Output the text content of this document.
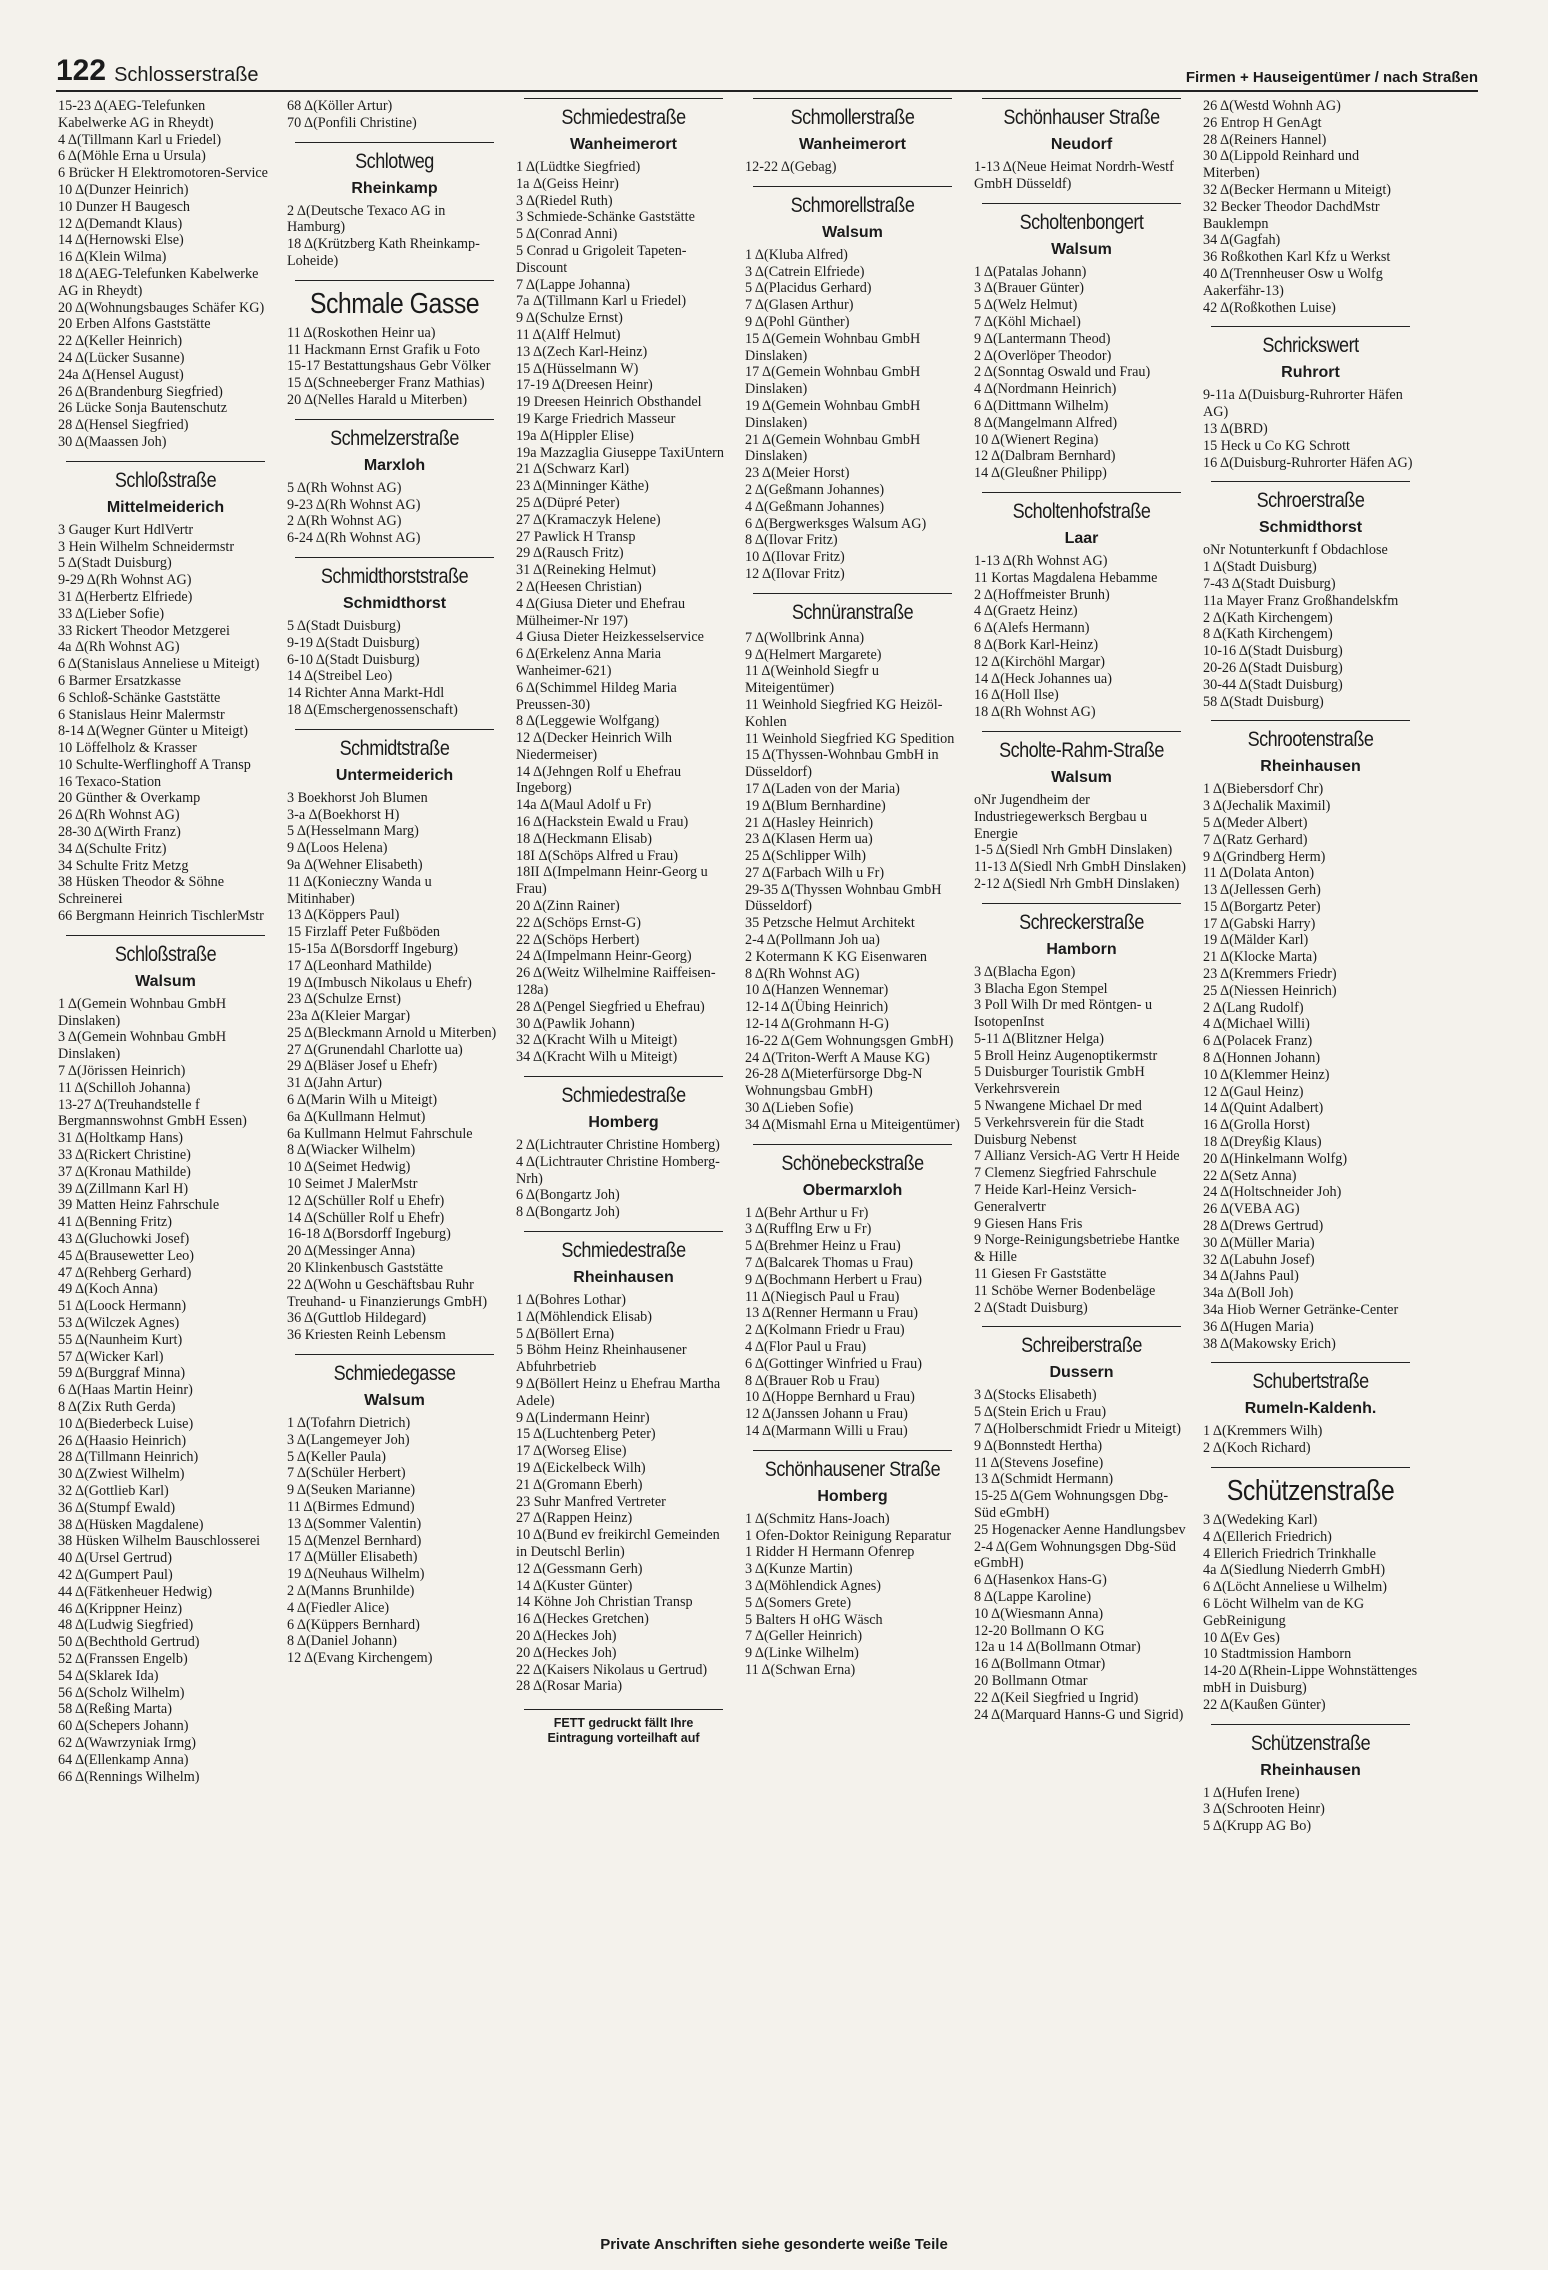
122 Schlosserstraße	Firmen + Hauseigentümer / nach Straßen
15-23 Δ(AEG-Telefunken Kabelwerke AG in Rheydt)
4 Δ(Tillmann Karl u Friedel)
6 Δ(Möhle Erna u Ursula)
6 Brücker H Elektromotoren-Service
10 Δ(Dunzer Heinrich)
10 Dunzer H Baugesch
12 Δ(Demandt Klaus)
14 Δ(Hernowski Else)
16 Δ(Klein Wilma)
18 Δ(AEG-Telefunken Kabelwerke AG in Rheydt)
20 Δ(Wohnungsbauges Schäfer KG)
20 Erben Alfons Gaststätte
22 Δ(Keller Heinrich)
24 Δ(Lücker Susanne)
24a Δ(Hensel August)
26 Δ(Brandenburg Siegfried)
26 Lücke Sonja Bautenschutz
28 Δ(Hensel Siegfried)
30 Δ(Maassen Joh)
Schloßstraße
Mittelmeiderich
3 Gauger Kurt HdlVertr
3 Hein Wilhelm Schneidermstr
5 Δ(Stadt Duisburg)
9-29 Δ(Rh Wohnst AG)
31 Δ(Herbertz Elfriede)
33 Δ(Lieber Sofie)
33 Rickert Theodor Metzgerei
4a Δ(Rh Wohnst AG)
6 Δ(Stanislaus Anneliese u Miteigt)
6 Barmer Ersatzkasse
6 Schloß-Schänke Gaststätte
6 Stanislaus Heinr Malermstr
8-14 Δ(Wegner Günter u Miteigt)
10 Löffelholz & Krasser
10 Schulte-Werflinghoff A Transp
16 Texaco-Station
20 Günther & Overkamp
26 Δ(Rh Wohnst AG)
28-30 Δ(Wirth Franz)
34 Δ(Schulte Fritz)
34 Schulte Fritz Metzg
38 Hüsken Theodor & Söhne Schreinerei
66 Bergmann Heinrich TischlerMstr
Schloßstraße
Walsum
1 Δ(Gemein Wohnbau GmbH Dinslaken)
3 Δ(Gemein Wohnbau GmbH Dinslaken)
7 Δ(Jörissen Heinrich)
11 Δ(Schilloh Johanna)
13-27 Δ(Treuhandstelle f Bergmannswohnst GmbH Essen)
31 Δ(Holtkamp Hans)
33 Δ(Rickert Christine)
37 Δ(Kronau Mathilde)
39 Δ(Zillmann Karl H)
39 Matten Heinz Fahrschule
41 Δ(Benning Fritz)
43 Δ(Gluchowki Josef)
45 Δ(Brausewetter Leo)
47 Δ(Rehberg Gerhard)
49 Δ(Koch Anna)
51 Δ(Loock Hermann)
53 Δ(Wilczek Agnes)
55 Δ(Naunheim Kurt)
57 Δ(Wicker Karl)
59 Δ(Burggraf Minna)
6 Δ(Haas Martin Heinr)
8 Δ(Zix Ruth Gerda)
10 Δ(Biederbeck Luise)
26 Δ(Haasio Heinrich)
28 Δ(Tillmann Heinrich)
30 Δ(Zwiest Wilhelm)
32 Δ(Gottlieb Karl)
36 Δ(Stumpf Ewald)
38 Δ(Hüsken Magdalene)
38 Hüsken Wilhelm Bauschlosserei
40 Δ(Ursel Gertrud)
42 Δ(Gumpert Paul)
44 Δ(Fätkenheuer Hedwig)
46 Δ(Krippner Heinz)
48 Δ(Ludwig Siegfried)
50 Δ(Bechthold Gertrud)
52 Δ(Franssen Engelb)
54 Δ(Sklarek Ida)
56 Δ(Scholz Wilhelm)
58 Δ(Reßing Marta)
60 Δ(Schepers Johann)
62 Δ(Wawrzyniak Irmg)
64 Δ(Ellenkamp Anna)
66 Δ(Rennings Wilhelm)
68 Δ(Köller Artur)
70 Δ(Ponfili Christine)
Schlotweg
Rheinkamp
2 Δ(Deutsche Texaco AG in Hamburg)
18 Δ(Krützberg Kath Rheinkamp-Loheide)
Schmale Gasse
11 Δ(Roskothen Heinr ua)
11 Hackmann Ernst Grafik u Foto
15-17 Bestattungshaus Gebr Völker
15 Δ(Schneeberger Franz Mathias)
20 Δ(Nelles Harald u Miterben)
Schmelzerstraße
Marxloh
5 Δ(Rh Wohnst AG)
9-23 Δ(Rh Wohnst AG)
2 Δ(Rh Wohnst AG)
6-24 Δ(Rh Wohnst AG)
Schmidthorststraße
Schmidthorst
5 Δ(Stadt Duisburg)
9-19 Δ(Stadt Duisburg)
6-10 Δ(Stadt Duisburg)
14 Δ(Streibel Leo)
14 Richter Anna Markt-Hdl
18 Δ(Emschergenossenschaft)
Schmidtstraße
Untermeiderich
3 Boekhorst Joh Blumen
3-a Δ(Boekhorst H)
5 Δ(Hesselmann Marg)
9 Δ(Loos Helena)
9a Δ(Wehner Elisabeth)
11 Δ(Konieczny Wanda u Mitinhaber)
13 Δ(Köppers Paul)
15 Firzlaff Peter Fußböden
15-15a Δ(Borsdorff Ingeburg)
17 Δ(Leonhard Mathilde)
19 Δ(Imbusch Nikolaus u Ehefr)
23 Δ(Schulze Ernst)
23a Δ(Kleier Margar)
25 Δ(Bleckmann Arnold u Miterben)
27 Δ(Grunendahl Charlotte ua)
29 Δ(Bläser Josef u Ehefr)
31 Δ(Jahn Artur)
6 Δ(Marin Wilh u Miteigt)
6a Δ(Kullmann Helmut)
6a Kullmann Helmut Fahrschule
8 Δ(Wiacker Wilhelm)
10 Δ(Seimet Hedwig)
10 Seimet J MalerMstr
12 Δ(Schüller Rolf u Ehefr)
14 Δ(Schüller Rolf u Ehefr)
16-18 Δ(Borsdorff Ingeburg)
20 Δ(Messinger Anna)
20 Klinkenbusch Gaststätte
22 Δ(Wohn u Geschäftsbau Ruhr Treuhand- u Finanzierungs GmbH)
36 Δ(Guttlob Hildegard)
36 Kriesten Reinh Lebensm
Schmiedegasse
Walsum
1 Δ(Tofahrn Dietrich)
3 Δ(Langemeyer Joh)
5 Δ(Keller Paula)
7 Δ(Schüler Herbert)
9 Δ(Seuken Marianne)
11 Δ(Birmes Edmund)
13 Δ(Sommer Valentin)
15 Δ(Menzel Bernhard)
17 Δ(Müller Elisabeth)
19 Δ(Neuhaus Wilhelm)
2 Δ(Manns Brunhilde)
4 Δ(Fiedler Alice)
6 Δ(Küppers Bernhard)
8 Δ(Daniel Johann)
12 Δ(Evang Kirchengem)
Schmiedestraße
Wanheimerort
1 Δ(Lüdtke Siegfried)
1a Δ(Geiss Heinr)
3 Δ(Riedel Ruth)
3 Schmiede-Schänke Gaststätte
5 Δ(Conrad Anni)
5 Conrad u Grigoleit Tapeten-Discount
7 Δ(Lappe Johanna)
7a Δ(Tillmann Karl u Friedel)
9 Δ(Schulze Ernst)
11 Δ(Alff Helmut)
13 Δ(Zech Karl-Heinz)
15 Δ(Hüsselmann W)
17-19 Δ(Dreesen Heinr)
19 Dreesen Heinrich Obsthandel
19 Karge Friedrich Masseur
19a Δ(Hippler Elise)
19a Mazzaglia Giuseppe TaxiUntern
21 Δ(Schwarz Karl)
23 Δ(Minninger Käthe)
25 Δ(Düpré Peter)
27 Δ(Kramaczyk Helene)
27 Pawlick H Transp
29 Δ(Rausch Fritz)
31 Δ(Reineking Helmut)
2 Δ(Heesen Christian)
4 Δ(Giusa Dieter und Ehefrau Mülheimer-Nr 197)
4 Giusa Dieter Heizkesselservice
6 Δ(Erkelenz Anna Maria Wanheimer-621)
6 Δ(Schimmel Hildeg Maria Preussen-30)
8 Δ(Leggewie Wolfgang)
12 Δ(Decker Heinrich Wilh Niedermeiser)
14 Δ(Jehngen Rolf u Ehefrau Ingeborg)
14a Δ(Maul Adolf u Fr)
16 Δ(Hackstein Ewald u Frau)
18 Δ(Heckmann Elisab)
18I Δ(Schöps Alfred u Frau)
18II Δ(Impelmann Heinr-Georg u Frau)
20 Δ(Zinn Rainer)
22 Δ(Schöps Ernst-G)
22 Δ(Schöps Herbert)
24 Δ(Impelmann Heinr-Georg)
26 Δ(Weitz Wilhelmine Raiffeisen-128a)
28 Δ(Pengel Siegfried u Ehefrau)
30 Δ(Pawlik Johann)
32 Δ(Kracht Wilh u Miteigt)
34 Δ(Kracht Wilh u Miteigt)
Schmiedestraße
Homberg
2 Δ(Lichtrauter Christine Homberg)
4 Δ(Lichtrauter Christine Homberg-Nrh)
6 Δ(Bongartz Joh)
8 Δ(Bongartz Joh)
Schmiedestraße
Rheinhausen
1 Δ(Bohres Lothar)
1 Δ(Möhlendick Elisab)
5 Δ(Böllert Erna)
5 Böhm Heinz Rheinhausener Abfuhrbetrieb
9 Δ(Böllert Heinz u Ehefrau Martha Adele)
9 Δ(Lindermann Heinr)
15 Δ(Luchtenberg Peter)
17 Δ(Worseg Elise)
19 Δ(Eickelbeck Wilh)
21 Δ(Gromann Eberh)
23 Suhr Manfred Vertreter
27 Δ(Rappen Heinz)
10 Δ(Bund ev freikirchl Gemeinden in Deutschl Berlin)
12 Δ(Gessmann Gerh)
14 Δ(Kuster Günter)
14 Köhne Joh Christian Transp
16 Δ(Heckes Gretchen)
20 Δ(Heckes Joh)
20 Δ(Heckes Joh)
22 Δ(Kaisers Nikolaus u Gertrud)
28 Δ(Rosar Maria)
FETT gedruckt fällt Ihre Eintragung vorteilhaft auf
Schmollerstraße
Wanheimerort
12-22 Δ(Gebag)
Schmorellstraße
Walsum
1 Δ(Kluba Alfred)
3 Δ(Catrein Elfriede)
5 Δ(Placidus Gerhard)
7 Δ(Glasen Arthur)
9 Δ(Pohl Günther)
15 Δ(Gemein Wohnbau GmbH Dinslaken)
17 Δ(Gemein Wohnbau GmbH Dinslaken)
19 Δ(Gemein Wohnbau GmbH Dinslaken)
21 Δ(Gemein Wohnbau GmbH Dinslaken)
23 Δ(Meier Horst)
2 Δ(Geßmann Johannes)
4 Δ(Geßmann Johannes)
6 Δ(Bergwerksges Walsum AG)
8 Δ(Ilovar Fritz)
10 Δ(Ilovar Fritz)
12 Δ(Ilovar Fritz)
Schnüranstraße
7 Δ(Wollbrink Anna)
9 Δ(Helmert Margarete)
11 Δ(Weinhold Siegfr u Miteigentümer)
11 Weinhold Siegfried KG Heizöl-Kohlen
11 Weinhold Siegfried KG Spedition
15 Δ(Thyssen-Wohnbau GmbH in Düsseldorf)
17 Δ(Laden von der Maria)
19 Δ(Blum Bernhardine)
21 Δ(Hasley Heinrich)
23 Δ(Klasen Herm ua)
25 Δ(Schlipper Wilh)
27 Δ(Farbach Wilh u Fr)
29-35 Δ(Thyssen Wohnbau GmbH Düsseldorf)
35 Petzsche Helmut Architekt
2-4 Δ(Pollmann Joh ua)
2 Kotermann K KG Eisenwaren
8 Δ(Rh Wohnst AG)
10 Δ(Hanzen Wennemar)
12-14 Δ(Übing Heinrich)
12-14 Δ(Grohmann H-G)
16-22 Δ(Gem Wohnungsgen GmbH)
24 Δ(Triton-Werft A Mause KG)
26-28 Δ(Mieterfürsorge Dbg-N Wohnungsbau GmbH)
30 Δ(Lieben Sofie)
34 Δ(Mismahl Erna u Miteigentümer)
Schönebeckstraße
Obermarxloh
1 Δ(Behr Arthur u Fr)
3 Δ(Rufflng Erw u Fr)
5 Δ(Brehmer Heinz u Frau)
7 Δ(Balcarek Thomas u Frau)
9 Δ(Bochmann Herbert u Frau)
11 Δ(Niegisch Paul u Frau)
13 Δ(Renner Hermann u Frau)
2 Δ(Kolmann Friedr u Frau)
4 Δ(Flor Paul u Frau)
6 Δ(Gottinger Winfried u Frau)
8 Δ(Brauer Rob u Frau)
10 Δ(Hoppe Bernhard u Frau)
12 Δ(Janssen Johann u Frau)
14 Δ(Marmann Willi u Frau)
Schönhausener Straße
Homberg
1 Δ(Schmitz Hans-Joach)
1 Ofen-Doktor Reinigung Reparatur
1 Ridder H Hermann Ofenrep
3 Δ(Kunze Martin)
3 Δ(Möhlendick Agnes)
5 Δ(Somers Grete)
5 Balters H oHG Wäsch
7 Δ(Geller Heinrich)
9 Δ(Linke Wilhelm)
11 Δ(Schwan Erna)
Schönhauser Straße
Neudorf
1-13 Δ(Neue Heimat Nordrh-Westf GmbH Düsseldf)
Scholtenbongert
Walsum
1 Δ(Patalas Johann)
3 Δ(Brauer Günter)
5 Δ(Welz Helmut)
7 Δ(Köhl Michael)
9 Δ(Lantermann Theod)
2 Δ(Overlöper Theodor)
2 Δ(Sonntag Oswald und Frau)
4 Δ(Nordmann Heinrich)
6 Δ(Dittmann Wilhelm)
8 Δ(Mangelmann Alfred)
10 Δ(Wienert Regina)
12 Δ(Dalbram Bernhard)
14 Δ(Gleußner Philipp)
Scholtenhofstraße
Laar
1-13 Δ(Rh Wohnst AG)
11 Kortas Magdalena Hebamme
2 Δ(Hoffmeister Brunh)
4 Δ(Graetz Heinz)
6 Δ(Alefs Hermann)
8 Δ(Bork Karl-Heinz)
12 Δ(Kirchöhl Margar)
14 Δ(Heck Johannes ua)
16 Δ(Holl Ilse)
18 Δ(Rh Wohnst AG)
Scholte-Rahm-Straße
Walsum
oNr Jugendheim der Industriegewerksch Bergbau u Energie
1-5 Δ(Siedl Nrh GmbH Dinslaken)
11-13 Δ(Siedl Nrh GmbH Dinslaken)
2-12 Δ(Siedl Nrh GmbH Dinslaken)
Schreckerstraße
Hamborn
3 Δ(Blacha Egon)
3 Blacha Egon Stempel
3 Poll Wilh Dr med Röntgen- u IsotopenInst
5-11 Δ(Blitzner Helga)
5 Broll Heinz Augenoptikermstr
5 Duisburger Touristik GmbH Verkehrsverein
5 Nwangene Michael Dr med
5 Verkehrsverein für die Stadt Duisburg Nebenst
7 Allianz Versich-AG Vertr H Heide
7 Clemenz Siegfried Fahrschule
7 Heide Karl-Heinz Versich-Generalvertr
9 Giesen Hans Fris
9 Norge-Reinigungsbetriebe Hantke & Hille
11 Giesen Fr Gaststätte
11 Schöbe Werner Bodenbeläge
2 Δ(Stadt Duisburg)
Schreiberstraße
Dussern
3 Δ(Stocks Elisabeth)
5 Δ(Stein Erich u Frau)
7 Δ(Holberschmidt Friedr u Miteigt)
9 Δ(Bonnstedt Hertha)
11 Δ(Stevens Josefine)
13 Δ(Schmidt Hermann)
15-25 Δ(Gem Wohnungsgen Dbg-Süd eGmbH)
25 Hogenacker Aenne Handlungsbev
2-4 Δ(Gem Wohnungsgen Dbg-Süd eGmbH)
6 Δ(Hasenkox Hans-G)
8 Δ(Lappe Karoline)
10 Δ(Wiesmann Anna)
12-20 Bollmann O KG
12a u 14 Δ(Bollmann Otmar)
16 Δ(Bollmann Otmar)
20 Bollmann Otmar
22 Δ(Keil Siegfried u Ingrid)
24 Δ(Marquard Hanns-G und Sigrid)
26 Δ(Westd Wohnh AG)
26 Entrop H GenAgt
28 Δ(Reiners Hannel)
30 Δ(Lippold Reinhard und Miterben)
32 Δ(Becker Hermann u Miteigt)
32 Becker Theodor DachdMstr Bauklempn
34 Δ(Gagfah)
36 Roßkothen Karl Kfz u Werkst
40 Δ(Trennheuser Osw u Wolfg Aakerfähr-13)
42 Δ(Roßkothen Luise)
Schrickswert
Ruhrort
9-11a Δ(Duisburg-Ruhrorter Häfen AG)
13 Δ(BRD)
15 Heck u Co KG Schrott
16 Δ(Duisburg-Ruhrorter Häfen AG)
Schroerstraße
Schmidthorst
oNr Notunterkunft f Obdachlose
1 Δ(Stadt Duisburg)
7-43 Δ(Stadt Duisburg)
11a Mayer Franz Großhandelskfm
2 Δ(Kath Kirchengem)
8 Δ(Kath Kirchengem)
10-16 Δ(Stadt Duisburg)
20-26 Δ(Stadt Duisburg)
30-44 Δ(Stadt Duisburg)
58 Δ(Stadt Duisburg)
Schrootenstraße
Rheinhausen
1 Δ(Biebersdorf Chr)
3 Δ(Jechalik Maximil)
5 Δ(Meder Albert)
7 Δ(Ratz Gerhard)
9 Δ(Grindberg Herm)
11 Δ(Dolata Anton)
13 Δ(Jellessen Gerh)
15 Δ(Borgartz Peter)
17 Δ(Gabski Harry)
19 Δ(Mälder Karl)
21 Δ(Klocke Marta)
23 Δ(Kremmers Friedr)
25 Δ(Niessen Heinrich)
2 Δ(Lang Rudolf)
4 Δ(Michael Willi)
6 Δ(Polacek Franz)
8 Δ(Honnen Johann)
10 Δ(Klemmer Heinz)
12 Δ(Gaul Heinz)
14 Δ(Quint Adalbert)
16 Δ(Grolla Horst)
18 Δ(Dreyßig Klaus)
20 Δ(Hinkelmann Wolfg)
22 Δ(Setz Anna)
24 Δ(Holtschneider Joh)
26 Δ(VEBA AG)
28 Δ(Drews Gertrud)
30 Δ(Müller Maria)
32 Δ(Labuhn Josef)
34 Δ(Jahns Paul)
34a Δ(Boll Joh)
34a Hiob Werner Getränke-Center
36 Δ(Hugen Maria)
38 Δ(Makowsky Erich)
Schubertstraße
Rumeln-Kaldenh.
1 Δ(Kremmers Wilh)
2 Δ(Koch Richard)
Schützenstraße
3 Δ(Wedeking Karl)
4 Δ(Ellerich Friedrich)
4 Ellerich Friedrich Trinkhalle
4a Δ(Siedlung Niederrh GmbH)
6 Δ(Löcht Anneliese u Wilhelm)
6 Löcht Wilhelm van de KG GebReinigung
10 Δ(Ev Ges)
10 Stadtmission Hamborn
14-20 Δ(Rhein-Lippe Wohnstättenges mbH in Duisburg)
22 Δ(Kaußen Günter)
Schützenstraße
Rheinhausen
1 Δ(Hufen Irene)
3 Δ(Schrooten Heinr)
5 Δ(Krupp AG Bo)
Private Anschriften siehe gesonderte weiße Teile
